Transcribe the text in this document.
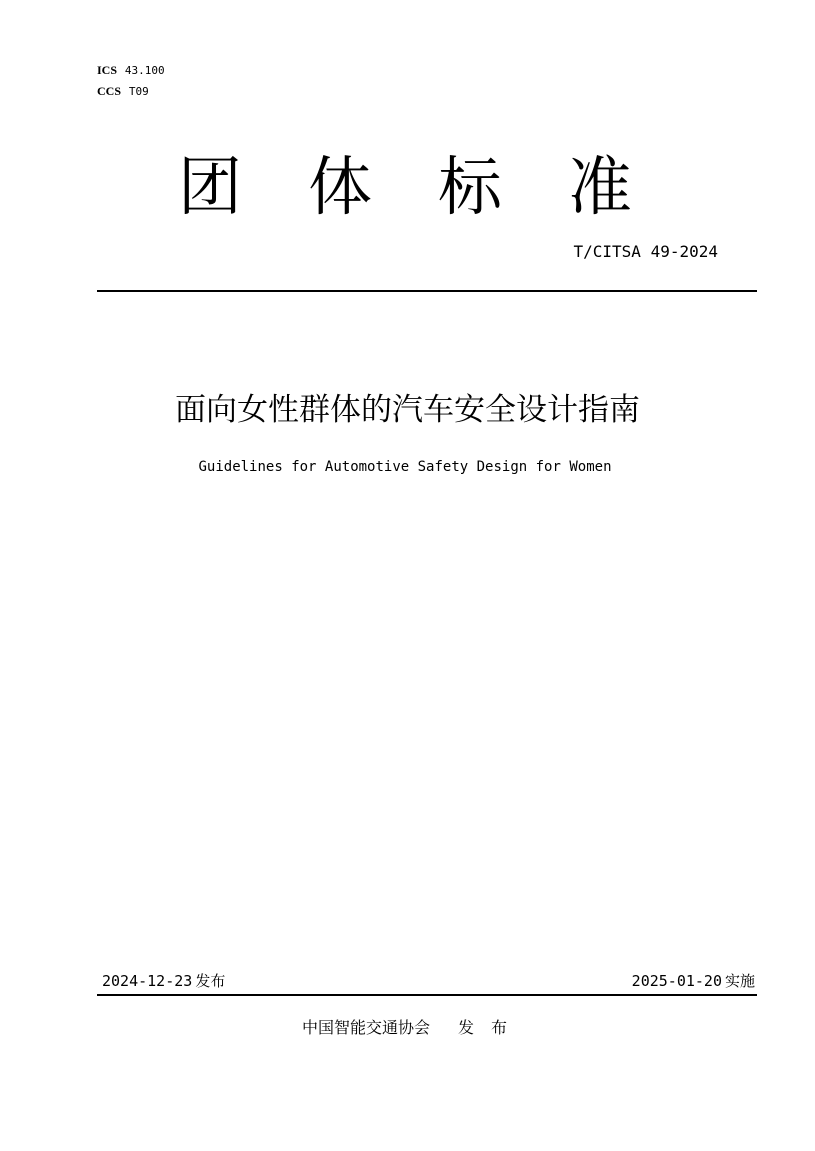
ICS 43.100
CCS T09
团 体 标 准
T/CITSA 49-2024
面向女性群体的汽车安全设计指南
Guidelines for Automotive Safety Design for Women
2024-12-23 发布	2025-01-20 实施
中国智能交通协会 发 布
